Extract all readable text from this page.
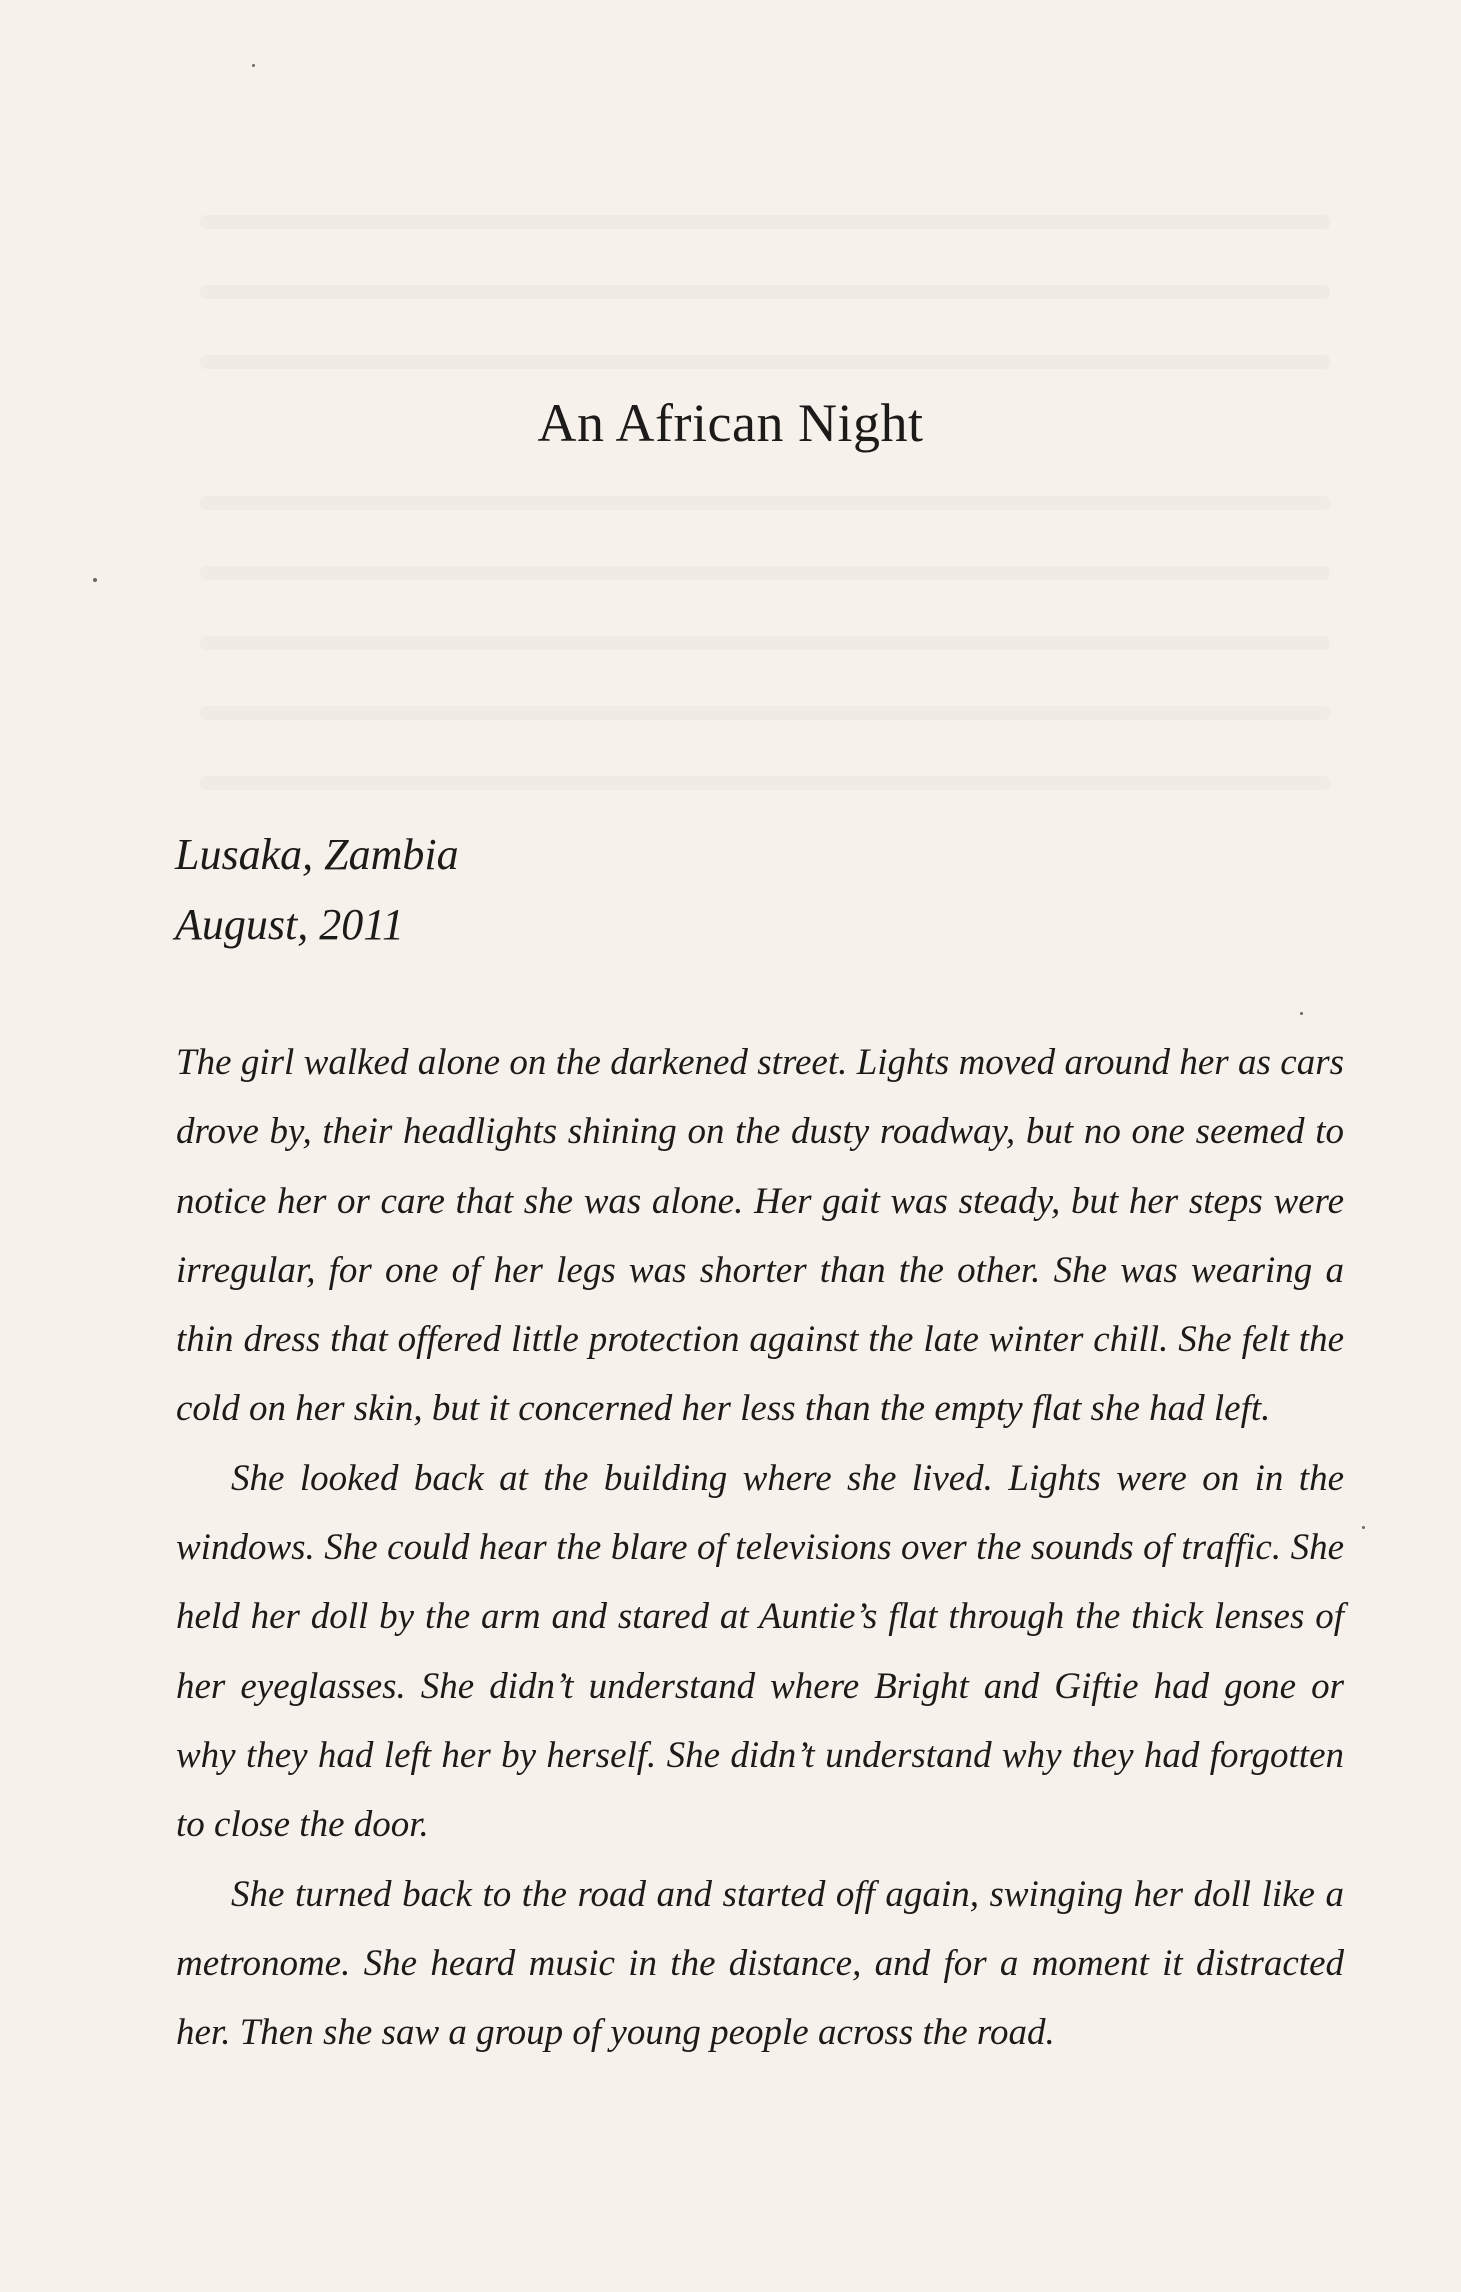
An African Night
Lusaka, Zambia
August, 2011

The girl walked alone on the darkened street. Lights moved around her as cars drove by, their headlights shining on the dusty roadway, but no one seemed to notice her or care that she was alone. Her gait was steady, but her steps were irregular, for one of her legs was shorter than the other. She was wearing a thin dress that offered little protection against the late winter chill. She felt the cold on her skin, but it concerned her less than the empty flat she had left.

She looked back at the building where she lived. Lights were on in the windows. She could hear the blare of televisions over the sounds of traffic. She held her doll by the arm and stared at Auntie’s flat through the thick lenses of her eyeglasses. She didn’t understand where Bright and Giftie had gone or why they had left her by herself. She didn’t understand why they had forgotten to close the door.

She turned back to the road and started off again, swinging her doll like a metronome. She heard music in the distance, and for a moment it distracted her. Then she saw a group of young people across the road.
